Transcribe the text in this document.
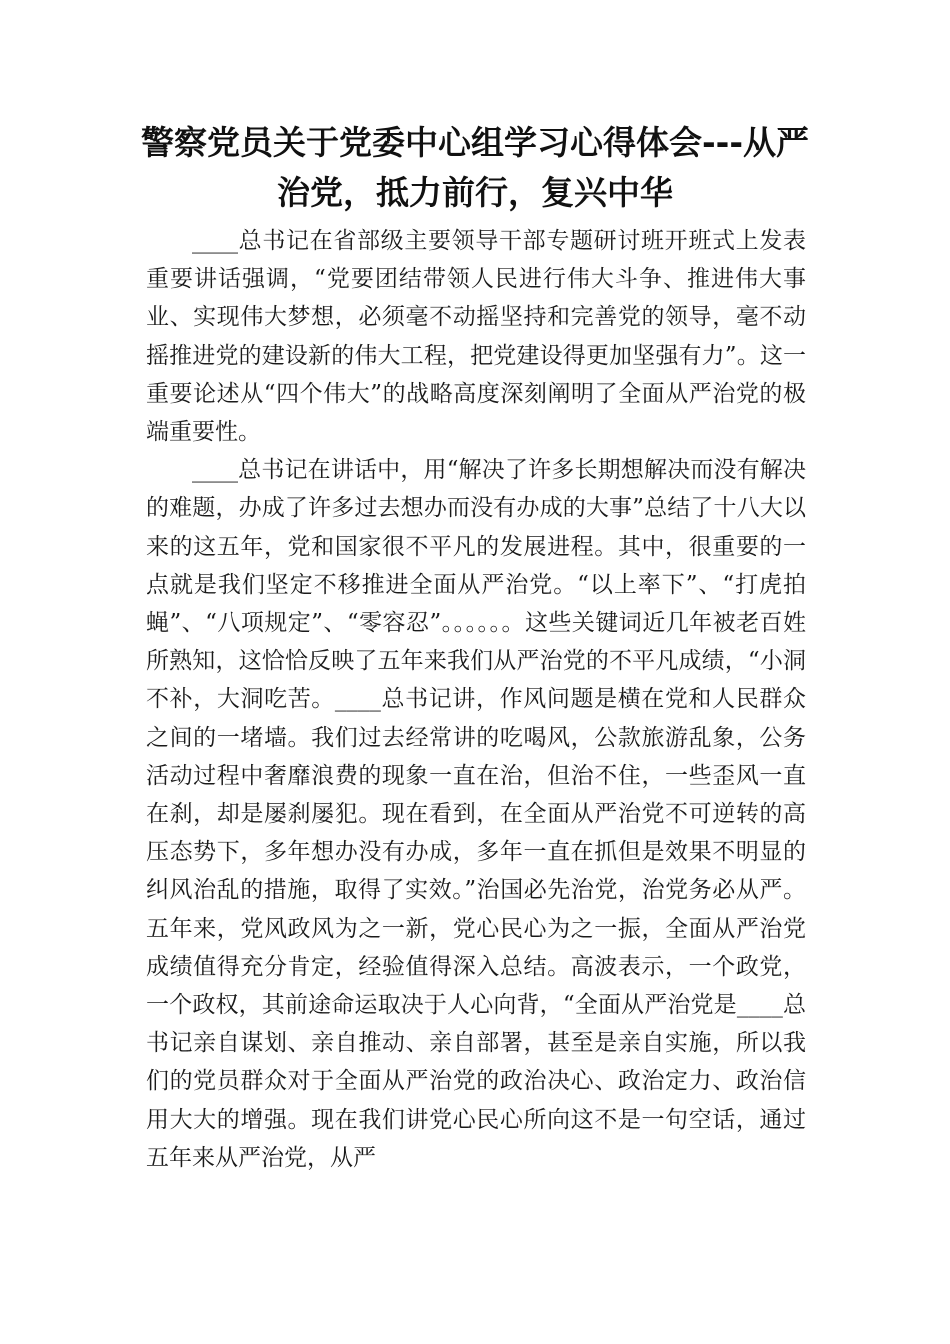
警察党员关于党委中心组学习心得体会---从严治党，抵力前行，复兴中华

____总书记在省部级主要领导干部专题研讨班开班式上发表重要讲话强调，“党要团结带领人民进行伟大斗争、推进伟大事业、实现伟大梦想，必须毫不动摇坚持和完善党的领导，毫不动摇推进党的建设新的伟大工程，把党建设得更加坚强有力”。这一重要论述从“四个伟大”的战略高度深刻阐明了全面从严治党的极端重要性。

____总书记在讲话中，用“解决了许多长期想解决而没有解决的难题，办成了许多过去想办而没有办成的大事”总结了十八大以来的这五年，党和国家很不平凡的发展进程。其中，很重要的一点就是我们坚定不移推进全面从严治党。“以上率下”、“打虎拍蝇”、“八项规定”、“零容忍”。。。。。。这些关键词近几年被老百姓所熟知，这恰恰反映了五年来我们从严治党的不平凡成绩，“小洞不补，大洞吃苦。____总书记讲，作风问题是横在党和人民群众之间的一堵墙。我们过去经常讲的吃喝风，公款旅游乱象，公务活动过程中奢靡浪费的现象一直在治，但治不住，一些歪风一直在刹，却是屡刹屡犯。现在看到，在全面从严治党不可逆转的高压态势下，多年想办没有办成，多年一直在抓但是效果不明显的纠风治乱的措施，取得了实效。”治国必先治党，治党务必从严。五年来，党风政风为之一新，党心民心为之一振，全面从严治党成绩值得充分肯定，经验值得深入总结。高波表示，一个政党，一个政权，其前途命运取决于人心向背，“全面从严治党是____总书记亲自谋划、亲自推动、亲自部署，甚至是亲自实施，所以我们的党员群众对于全面从严治党的政治决心、政治定力、政治信用大大的增强。现在我们讲党心民心所向这不是一句空话，通过五年来从严治党，从严
